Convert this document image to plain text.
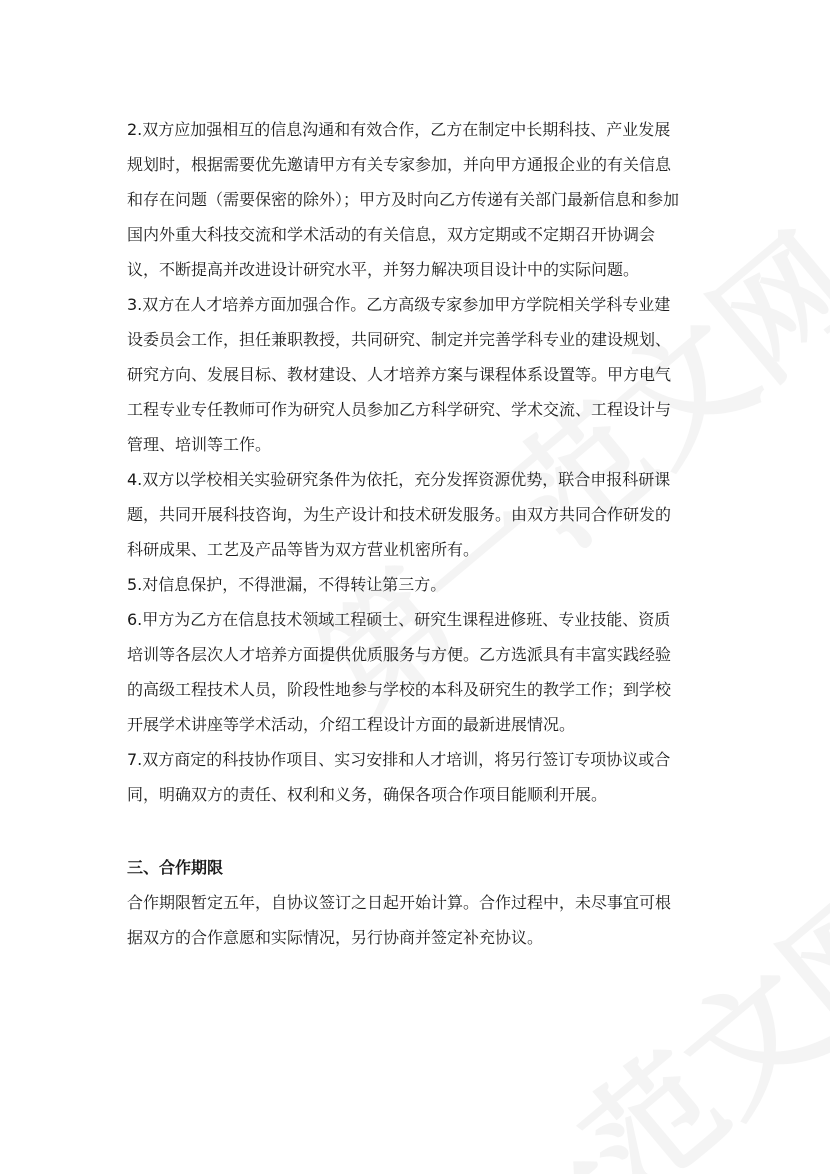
2.双方应加强相互的信息沟通和有效合作，乙方在制定中长期科技、产业发展
规划时，根据需要优先邀请甲方有关专家参加，并向甲方通报企业的有关信息
和存在问题（需要保密的除外）；甲方及时向乙方传递有关部门最新信息和参加
国内外重大科技交流和学术活动的有关信息，双方定期或不定期召开协调会
议，不断提高并改进设计研究水平，并努力解决项目设计中的实际问题。

3.双方在人才培养方面加强合作。乙方高级专家参加甲方学院相关学科专业建
设委员会工作，担任兼职教授，共同研究、制定并完善学科专业的建设规划、
研究方向、发展目标、教材建设、人才培养方案与课程体系设置等。甲方电气
工程专业专任教师可作为研究人员参加乙方科学研究、学术交流、工程设计与
管理、培训等工作。

4.双方以学校相关实验研究条件为依托，充分发挥资源优势，联合申报科研课
题，共同开展科技咨询，为生产设计和技术研发服务。由双方共同合作研发的
科研成果、工艺及产品等皆为双方营业机密所有。

5.对信息保护，不得泄漏，不得转让第三方。

6.甲方为乙方在信息技术领域工程硕士、研究生课程进修班、专业技能、资质
培训等各层次人才培养方面提供优质服务与方便。乙方选派具有丰富实践经验
的高级工程技术人员，阶段性地参与学校的本科及研究生的教学工作；到学校
开展学术讲座等学术活动，介绍工程设计方面的最新进展情况。

7.双方商定的科技协作项目、实习安排和人才培训，将另行签订专项协议或合
同，明确双方的责任、权利和义务，确保各项合作项目能顺利开展。

三、合作期限

合作期限暂定五年，自协议签订之日起开始计算。合作过程中，未尽事宜可根
据双方的合作意愿和实际情况，另行协商并签定补充协议。
